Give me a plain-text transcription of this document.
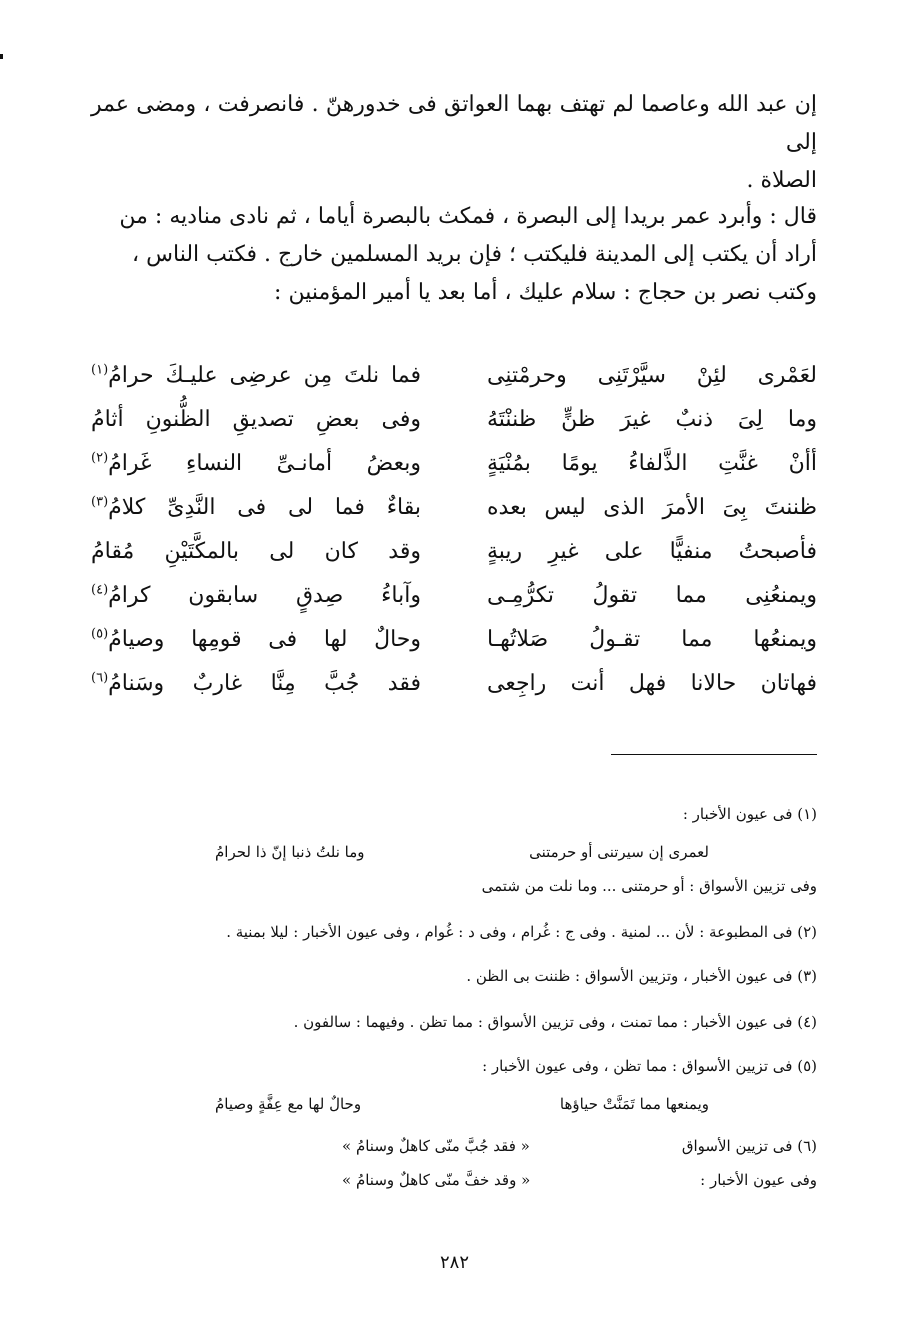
إن عبد الله وعاصما لم تهتف بهما العواتق فى خدورهنّ . فانصرفت ، ومضى عمر إلى
الصلاة .
قال : وأبرد عمر بريدا إلى البصرة ، فمكث بالبصرة أياما ، ثم نادى مناديه : من
أراد أن يكتب إلى المدينة فليكتب ؛ فإن بريد المسلمين خارج . فكتب الناس ،
وكتب نصر بن حجاج : سلام عليك ، أما بعد يا أمير المؤمنين :
لعَمْرى لئِنْ سيَّرْتَنِى وحرمْتنِى
فما نلتَ مِن عرضِى عليـكَ حرامُ$^{(١)}$
وما لِىَ ذنبٌ غيرَ ظنٍّ ظننْتَهُ
وفى بعضِ تصديقِ الظُّنونِ أثامُ
أأنْ غنَّتِ الذَّلفاءُ يومًا بمُنْيَةٍ
وبعضُ أمانـىِّ النساءِ غَرامُ$^{(٢)}$
ظننتَ بِىَ الأمرَ الذى ليس بعده
بقاءٌ فما لى فى النَّدِىِّ كلامُ$^{(٣)}$
فأصبحتُ منفيًّا على غيرِ ريبةٍ
وقد كان لى بالمكَّتَيْنِ مُقامُ
ويمنعُنِى مما تقولُ تكرُّمِـى
وآباءُ صِدقٍ سابقون كرامُ$^{(٤)}$
ويمنعُها مما تقـولُ صَلاتُهـا
وحالٌ لها فى قومِها وصيامُ$^{(٥)}$
فهاتان حالانا فهل أنت راجِعى
فقد جُبَّ مِنَّا غاربٌ وسَنامُ$^{(٦)}$
(١) فى عيون الأخبار :
لعمرى إن سيرتنى أو حرمتنى
وما نلتُ ذنبا إنّ ذا لحرامُ
وفى تزيين الأسواق : أو حرمتنى ... وما نلت من شتمى
(٢) فى المطبوعة : لأن ... لمنية . وفى ج : غُرام ، وفى د : غُوام ، وفى عيون الأخبار : ليلا بمنية .
(٣) فى عيون الأخبار ، وتزيين الأسواق : ظننت بى الظن .
(٤) فى عيون الأخبار : مما تمنت ، وفى تزيين الأسواق : مما تظن . وفيهما : سالفون .
(٥) فى تزيين الأسواق : مما تظن ، وفى عيون الأخبار :
ويمنعها مما تَمَنَّتْ حياؤها
وحالٌ لها مع عِفَّةٍ وصيامُ
(٦) فى تزيين الأسواق
« فقد جُبَّ منّى كاهلٌ وسنامُ »
وفى عيون الأخبار :
« وقد خفَّ منّى كاهلٌ وسنامُ »
٢٨٢
